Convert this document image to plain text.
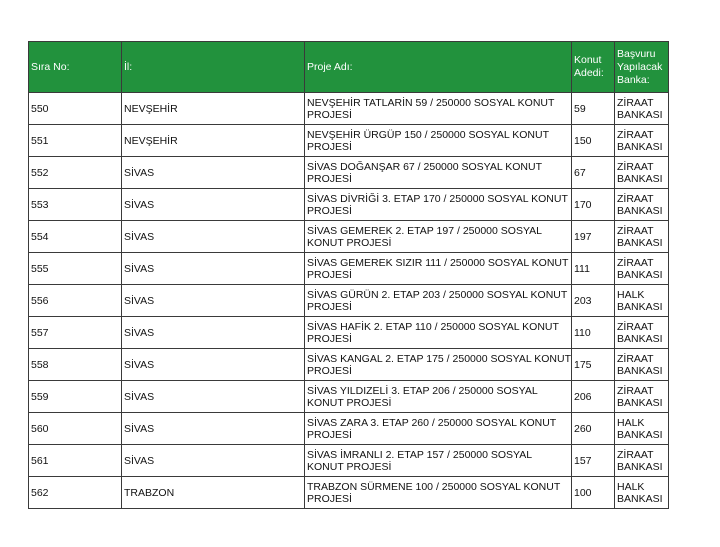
Sıra No:	İl:	Proje Adı:	Konut Adedi:	Başvuru Yapılacak Banka:
550	NEVŞEHİR	NEVŞEHİR TATLARİN 59 / 250000 SOSYAL KONUT PROJESİ	59	ZİRAAT BANKASI
551	NEVŞEHİR	NEVŞEHİR ÜRGÜP 150 / 250000 SOSYAL KONUT PROJESİ	150	ZİRAAT BANKASI
552	SİVAS	SİVAS DOĞANŞAR 67 / 250000 SOSYAL KONUT PROJESİ	67	ZİRAAT BANKASI
553	SİVAS	SİVAS DİVRİĞİ 3. ETAP 170 / 250000 SOSYAL KONUT PROJESİ	170	ZİRAAT BANKASI
554	SİVAS	SİVAS GEMEREK 2. ETAP 197 / 250000 SOSYAL KONUT PROJESİ	197	ZİRAAT BANKASI
555	SİVAS	SİVAS GEMEREK SIZIR 111 / 250000 SOSYAL KONUT PROJESİ	111	ZİRAAT BANKASI
556	SİVAS	SİVAS GÜRÜN 2. ETAP 203 / 250000 SOSYAL KONUT PROJESİ	203	HALK BANKASI
557	SİVAS	SİVAS HAFİK 2. ETAP 110 / 250000 SOSYAL KONUT PROJESİ	110	ZİRAAT BANKASI
558	SİVAS	SİVAS KANGAL 2. ETAP 175 / 250000 SOSYAL KONUT PROJESİ	175	ZİRAAT BANKASI
559	SİVAS	SİVAS YILDIZELİ 3. ETAP 206 / 250000 SOSYAL KONUT PROJESİ	206	ZİRAAT BANKASI
560	SİVAS	SİVAS ZARA 3. ETAP 260 / 250000 SOSYAL KONUT PROJESİ	260	HALK BANKASI
561	SİVAS	SİVAS İMRANLI 2. ETAP 157 / 250000 SOSYAL KONUT PROJESİ	157	ZİRAAT BANKASI
562	TRABZON	TRABZON SÜRMENE 100 / 250000 SOSYAL KONUT PROJESİ	100	HALK BANKASI
